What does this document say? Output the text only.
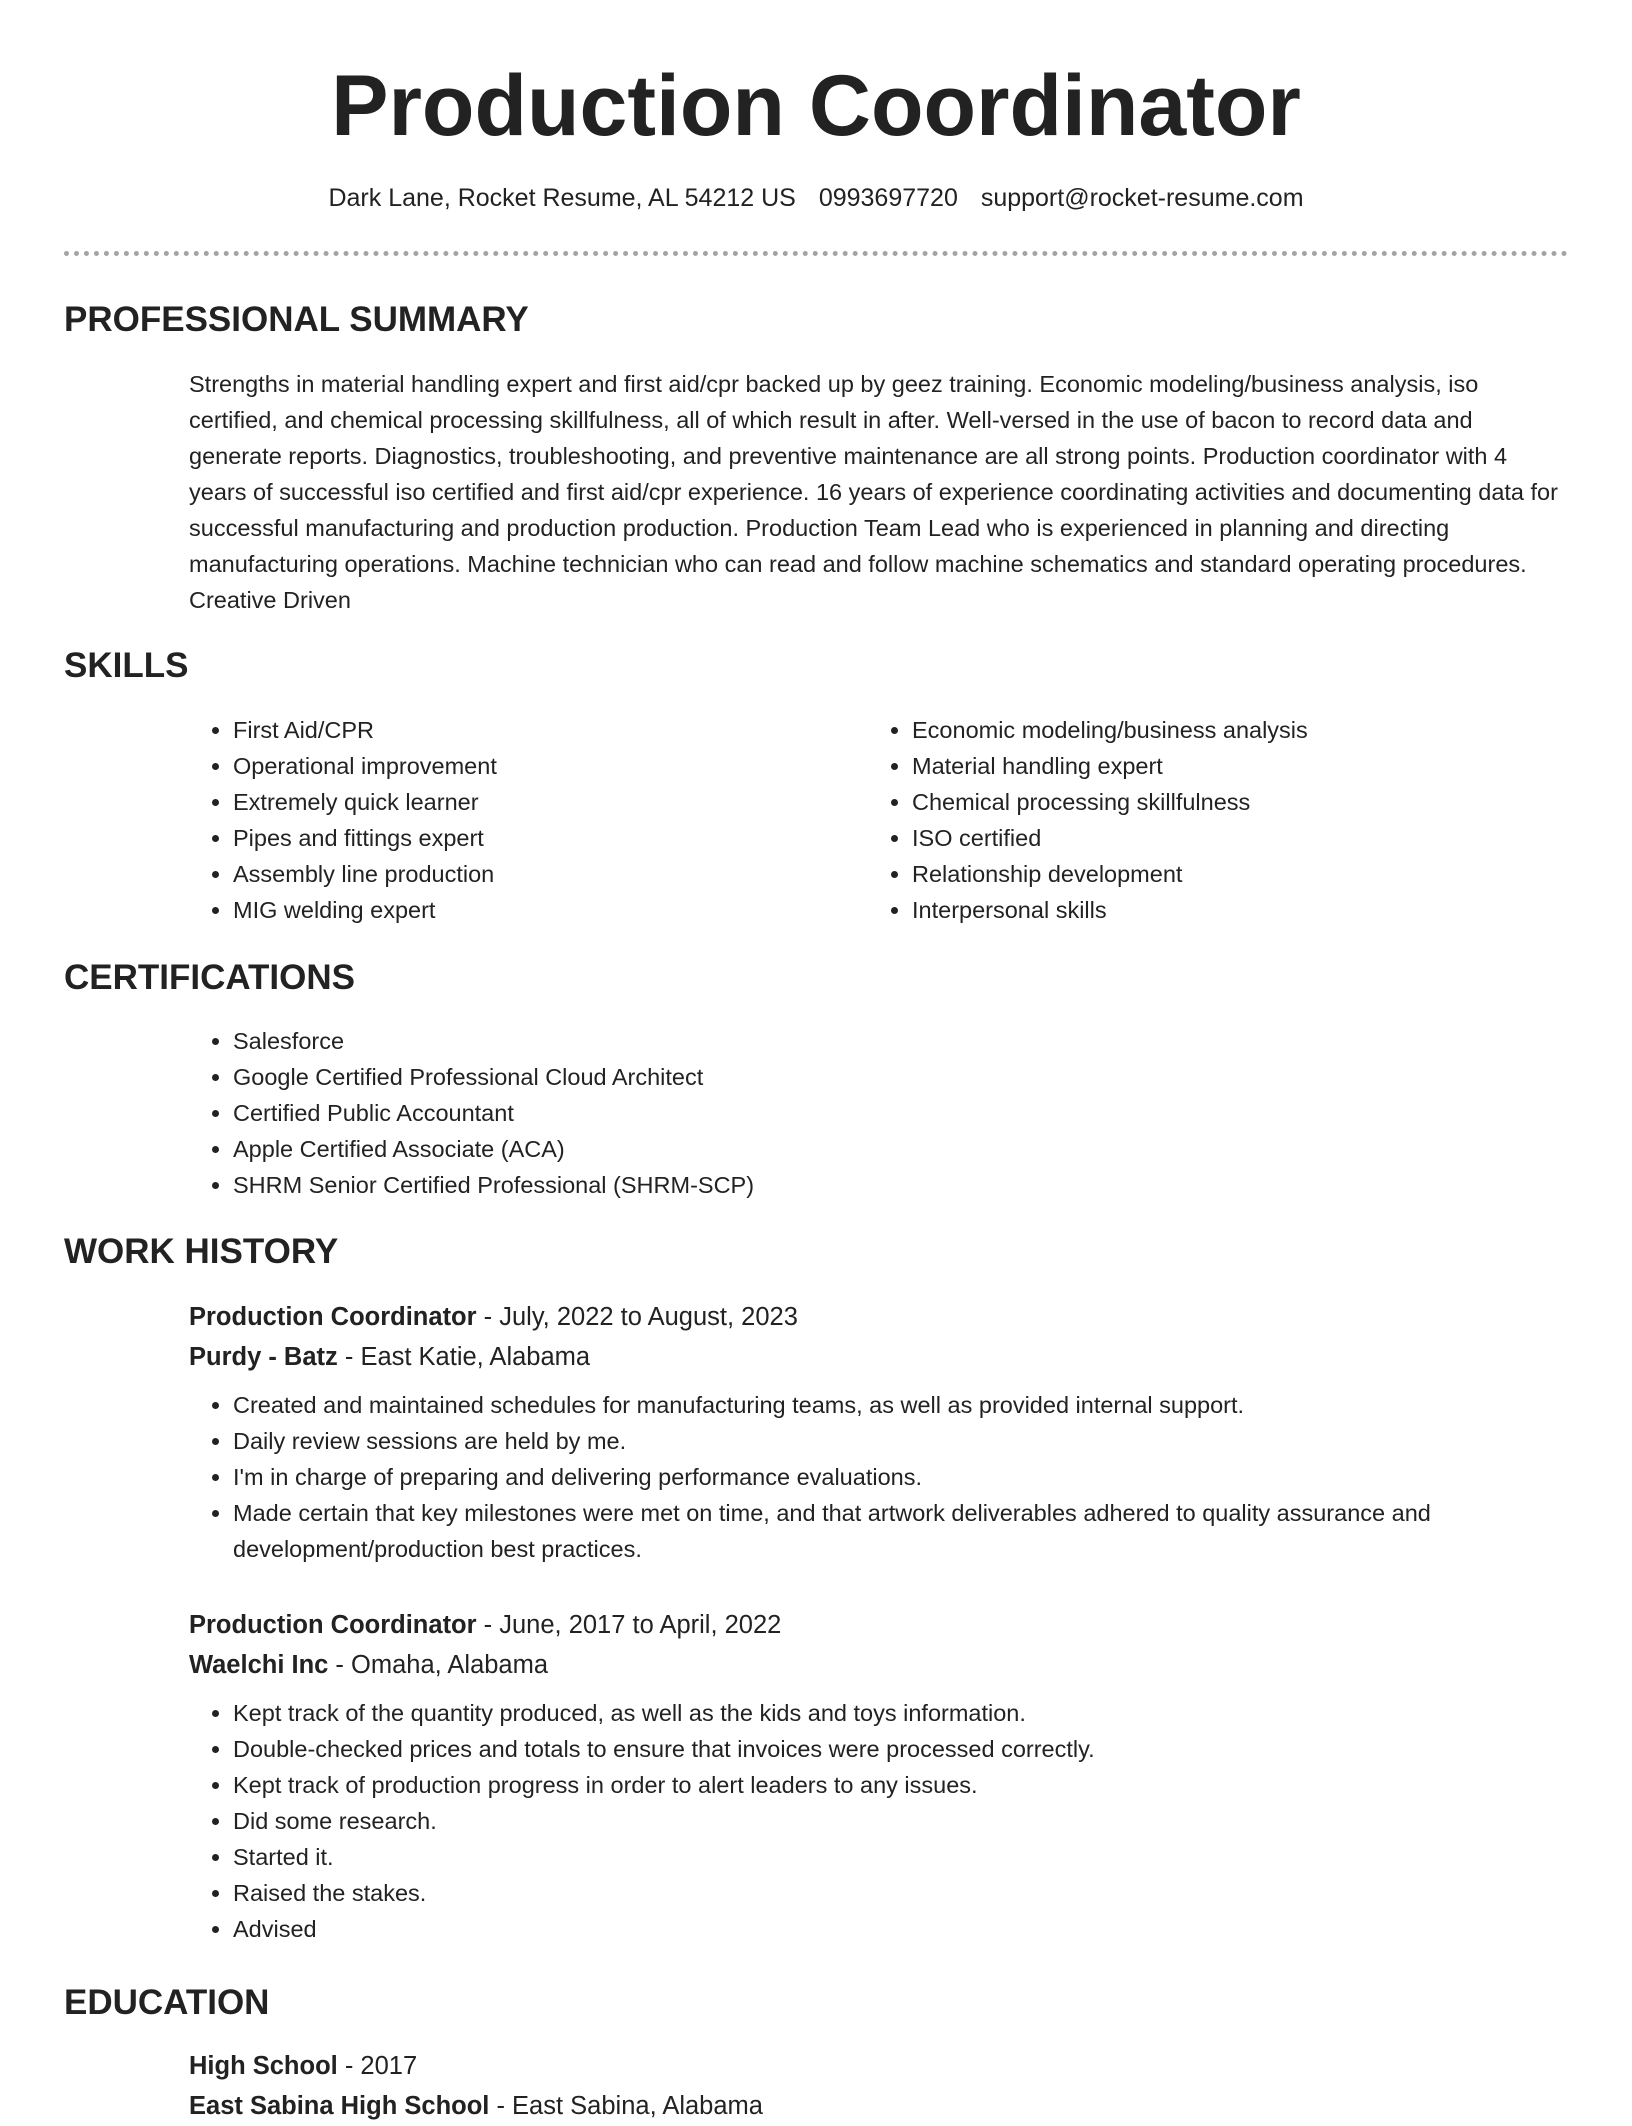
Production Coordinator
Dark Lane, Rocket Resume, AL 54212 US 0993697720 support@rocket-resume.com
PROFESSIONAL SUMMARY

Strengths in material handling expert and first aid/cpr backed up by geez training. Economic modeling/business analysis, iso certified, and chemical processing skillfulness, all of which result in after. Well-versed in the use of bacon to record data and generate reports. Diagnostics, troubleshooting, and preventive maintenance are all strong points. Production coordinator with 4 years of successful iso certified and first aid/cpr experience. 16 years of experience coordinating activities and documenting data for successful manufacturing and production production. Production Team Lead who is experienced in planning and directing manufacturing operations. Machine technician who can read and follow machine schematics and standard operating procedures. Creative Driven

SKILLS
• First Aid/CPR
• Operational improvement
• Extremely quick learner
• Pipes and fittings expert
• Assembly line production
• MIG welding expert
• Economic modeling/business analysis
• Material handling expert
• Chemical processing skillfulness
• ISO certified
• Relationship development
• Interpersonal skills
CERTIFICATIONS
• Salesforce
• Google Certified Professional Cloud Architect
• Certified Public Accountant
• Apple Certified Associate (ACA)
• SHRM Senior Certified Professional (SHRM-SCP)
WORK HISTORY
Production Coordinator - July, 2022 to August, 2023
Purdy - Batz - East Katie, Alabama
• Created and maintained schedules for manufacturing teams, as well as provided internal support.
• Daily review sessions are held by me.
• I'm in charge of preparing and delivering performance evaluations.
• Made certain that key milestones were met on time, and that artwork deliverables adhered to quality assurance and development/production best practices.
Production Coordinator - June, 2017 to April, 2022
Waelchi Inc - Omaha, Alabama
• Kept track of the quantity produced, as well as the kids and toys information.
• Double-checked prices and totals to ensure that invoices were processed correctly.
• Kept track of production progress in order to alert leaders to any issues.
• Did some research.
• Started it.
• Raised the stakes.
• Advised
EDUCATION
High School - 2017
East Sabina High School - East Sabina, Alabama
